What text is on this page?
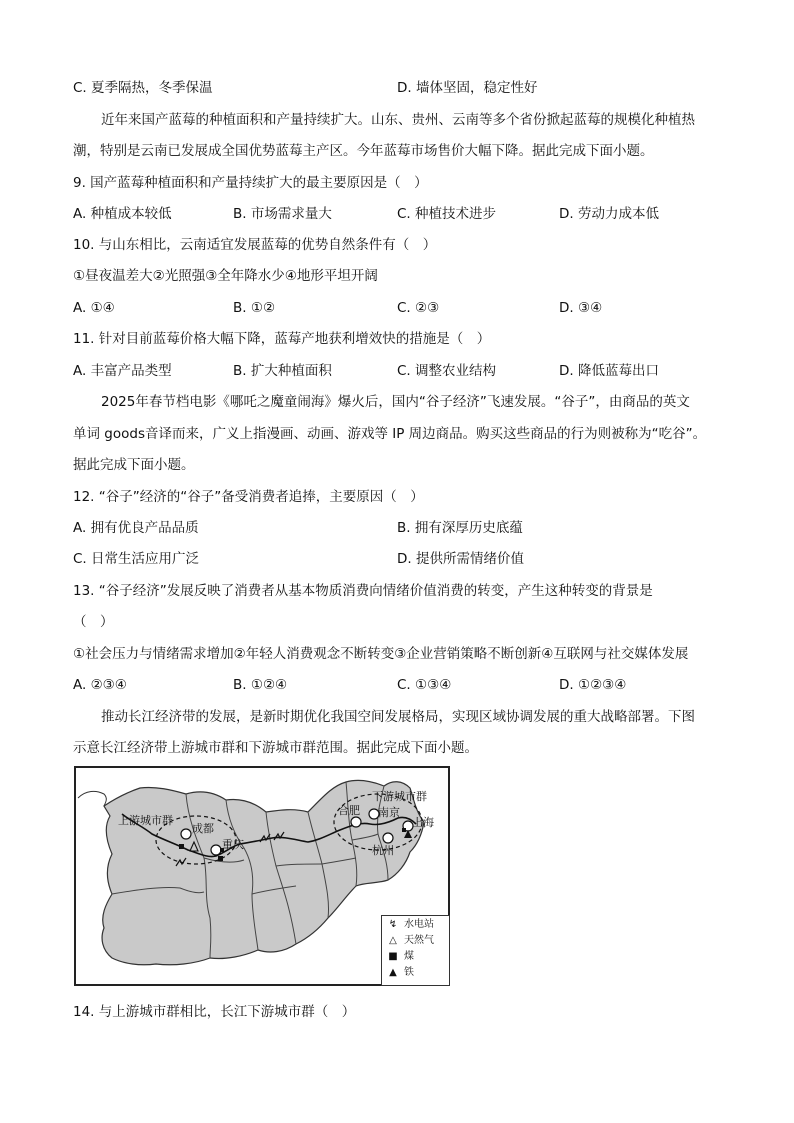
C. 夏季隔热，冬季保温	D. 墙体坚固，稳定性好
近年来国产蓝莓的种植面积和产量持续扩大。山东、贵州、云南等多个省份掀起蓝莓的规模化种植热
潮，特别是云南已发展成全国优势蓝莓主产区。今年蓝莓市场售价大幅下降。据此完成下面小题。
9. 国产蓝莓种植面积和产量持续扩大的最主要原因是（　）
A. 种植成本较低	B. 市场需求量大	C. 种植技术进步	D. 劳动力成本低
10. 与山东相比，云南适宜发展蓝莓的优势自然条件有（　）
①昼夜温差大②光照强③全年降水少④地形平坦开阔
A. ①④	B. ①②	C. ②③	D. ③④
11. 针对目前蓝莓价格大幅下降，蓝莓产地获利增效快的措施是（　）
A. 丰富产品类型	B. 扩大种植面积	C. 调整农业结构	D. 降低蓝莓出口
2025年春节档电影《哪吒之魔童闹海》爆火后，国内“谷子经济”飞速发展。“谷子”，由商品的英文
单词 goods音译而来，广义上指漫画、动画、游戏等 IP 周边商品。购买这些商品的行为则被称为“吃谷”。
据此完成下面小题。
12. “谷子”经济的“谷子”备受消费者追捧，主要原因（　）
A. 拥有优良产品品质	B. 拥有深厚历史底蕴
C. 日常生活应用广泛	D. 提供所需情绪价值
13. “谷子经济”发展反映了消费者从基本物质消费向情绪价值消费的转变，产生这种转变的背景是
（　）
①社会压力与情绪需求增加②年轻人消费观念不断转变③企业营销策略不断创新④互联网与社交媒体发展
A. ②③④	B. ①②④	C. ①③④	D. ①②③④
推动长江经济带的发展，是新时期优化我国空间发展格局，实现区域协调发展的重大战略部署。下图
示意长江经济带上游城市群和下游城市群范围。据此完成下面小题。
上游城市群
成都
重庆
下游城市群
合肥 南京
上海
杭州
↯ 水电站
△ 天然气
■ 煤
▲ 铁
14. 与上游城市群相比，长江下游城市群（　）
